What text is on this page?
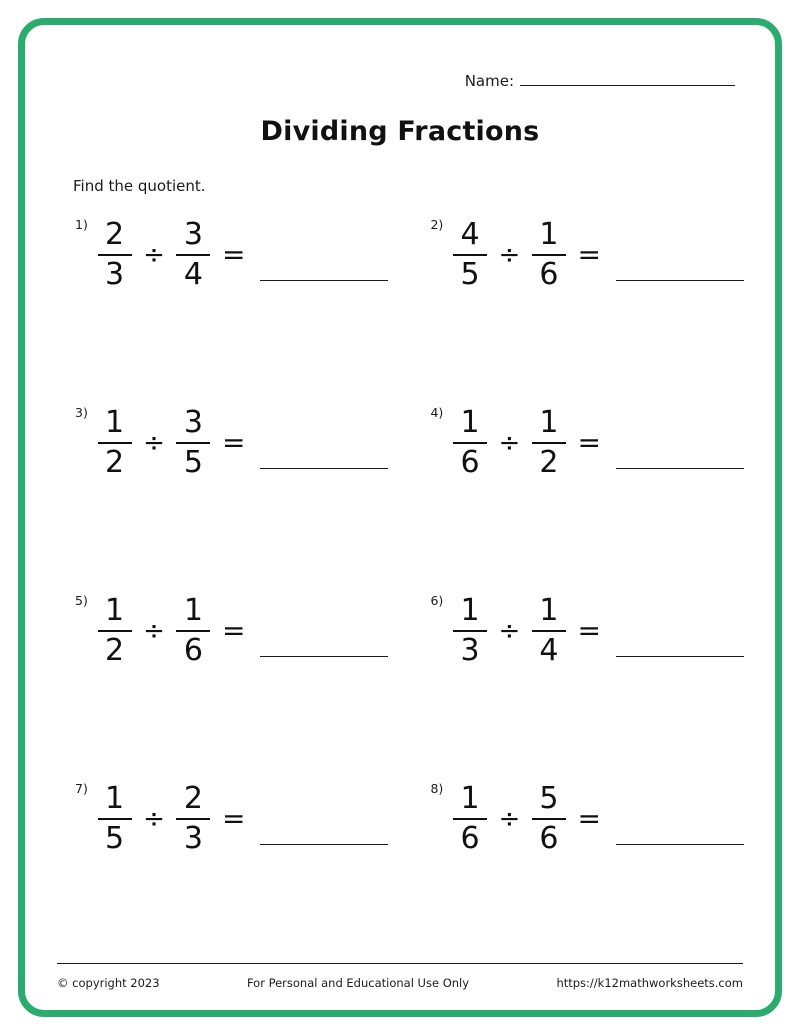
Name:
Dividing Fractions
Find the quotient.
$1) \frac{2}{3} \div \frac{3}{4}$ =
$2) \frac{4}{5} \div \frac{1}{6}$ =
$3) \frac{1}{2} \div \frac{3}{5}$ =
$4) \frac{1}{6} \div \frac{1}{2}$ =
$5) \frac{1}{2} \div \frac{1}{6}$ =
$6) \frac{1}{3} \div \frac{1}{4}$ =
$7) \frac{1}{5} \div \frac{2}{3}$ =
$8) \frac{1}{6} \div \frac{5}{6}$ =
© copyright 2023	For Personal and Educational Use Only	https://k12mathworksheets.com
